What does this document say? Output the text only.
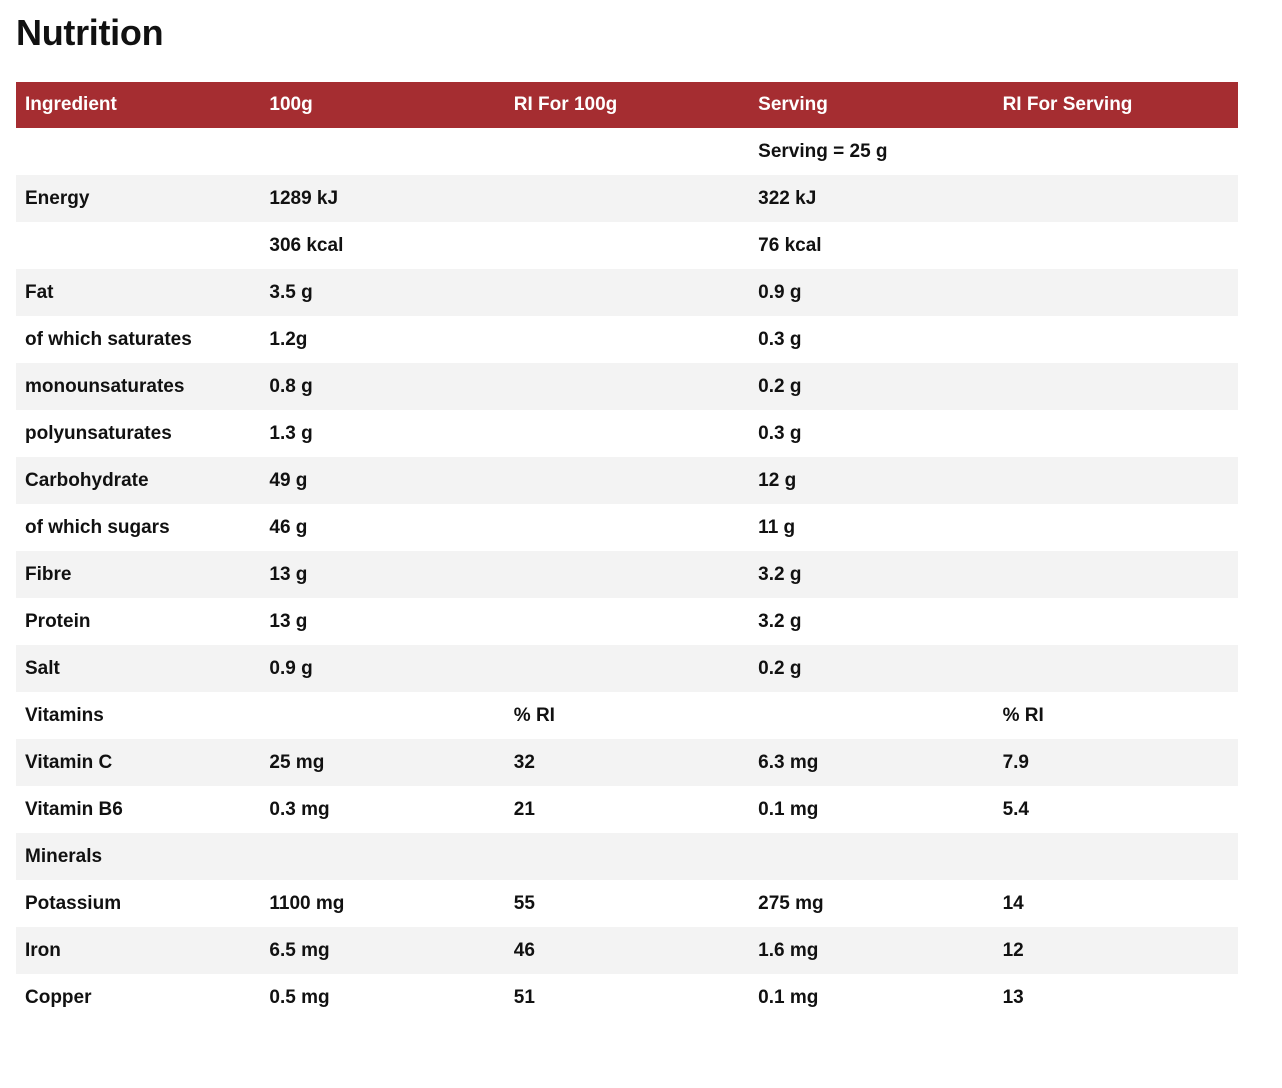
Nutrition
Ingredient	100g	RI For 100g	Serving	RI For Serving
			Serving = 25 g	
Energy	1289 kJ		322 kJ	
	306 kcal		76 kcal	
Fat	3.5 g		0.9 g	
of which saturates	1.2g		0.3 g	
monounsaturates	0.8 g		0.2 g	
polyunsaturates	1.3 g		0.3 g	
Carbohydrate	49 g		12 g	
of which sugars	46 g		11 g	
Fibre	13 g		3.2 g	
Protein	13 g		3.2 g	
Salt	0.9 g		0.2 g	
Vitamins		% RI		% RI
Vitamin C	25 mg	32	6.3 mg	7.9
Vitamin B6	0.3 mg	21	0.1 mg	5.4
Minerals				
Potassium	1100 mg	55	275 mg	14
Iron	6.5 mg	46	1.6 mg	12
Copper	0.5 mg	51	0.1 mg	13
